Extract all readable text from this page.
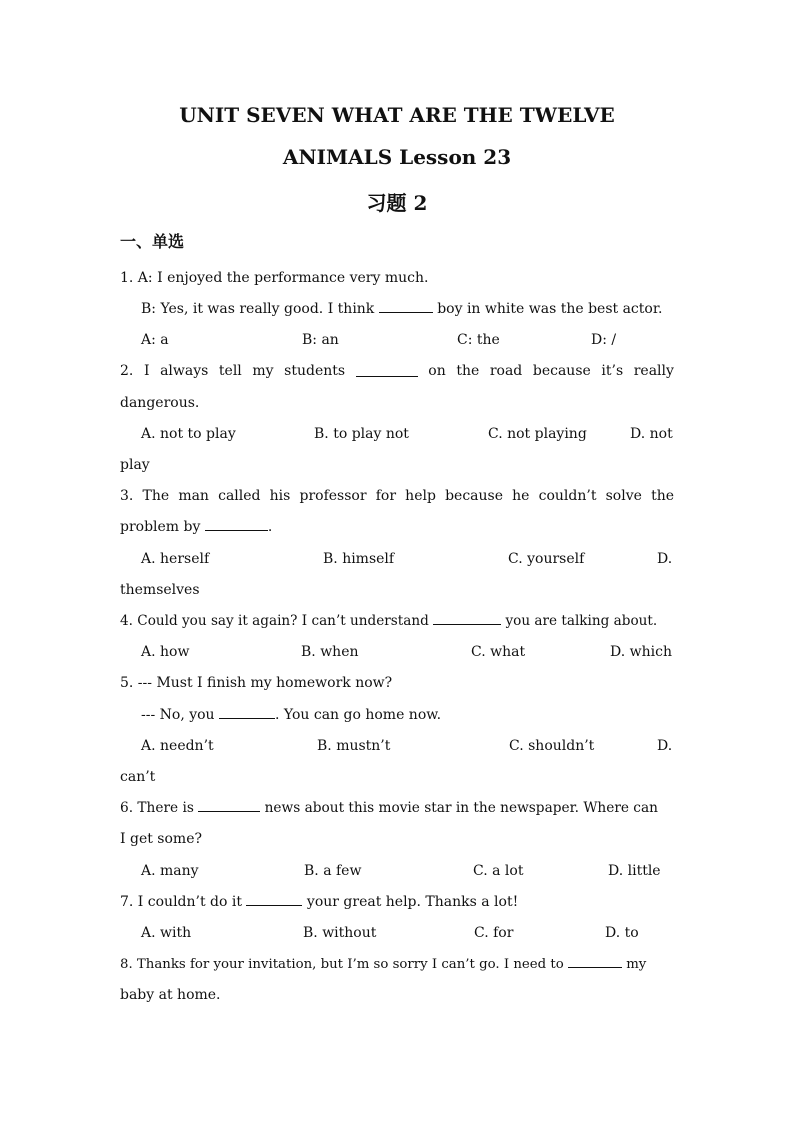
UNIT SEVEN WHAT ARE THE TWELVE
ANIMALS Lesson 23
习题 2
一、单选
1. A: I enjoyed the performance very much.
B: Yes, it was really good. I think	boy in white was the best actor.
A: a	B: an	C: the	D: /
2. I always tell my students	on the road because it’s really
dangerous.
A. not to play	B. to play not	C. not playing	D. not
play
3. The man called his professor for help because he couldn’t solve the
problem by	.
A. herself	B. himself	C. yourself	D.
themselves
4. Could you say it again? I can’t understand	you are talking about.
A. how	B. when	C. what	D. which
5. --- Must I finish my homework now?
--- No, you	. You can go home now.
A. needn’t	B. mustn’t	C. shouldn’t	D.
can’t
6. There is	news about this movie star in the newspaper. Where can
I get some?
A. many	B. a few	C. a lot	D. little
7. I couldn’t do it	your great help. Thanks a lot!
A. with	B. without	C. for	D. to
8. Thanks for your invitation, but I’m so sorry I can’t go. I need to	my
baby at home.
